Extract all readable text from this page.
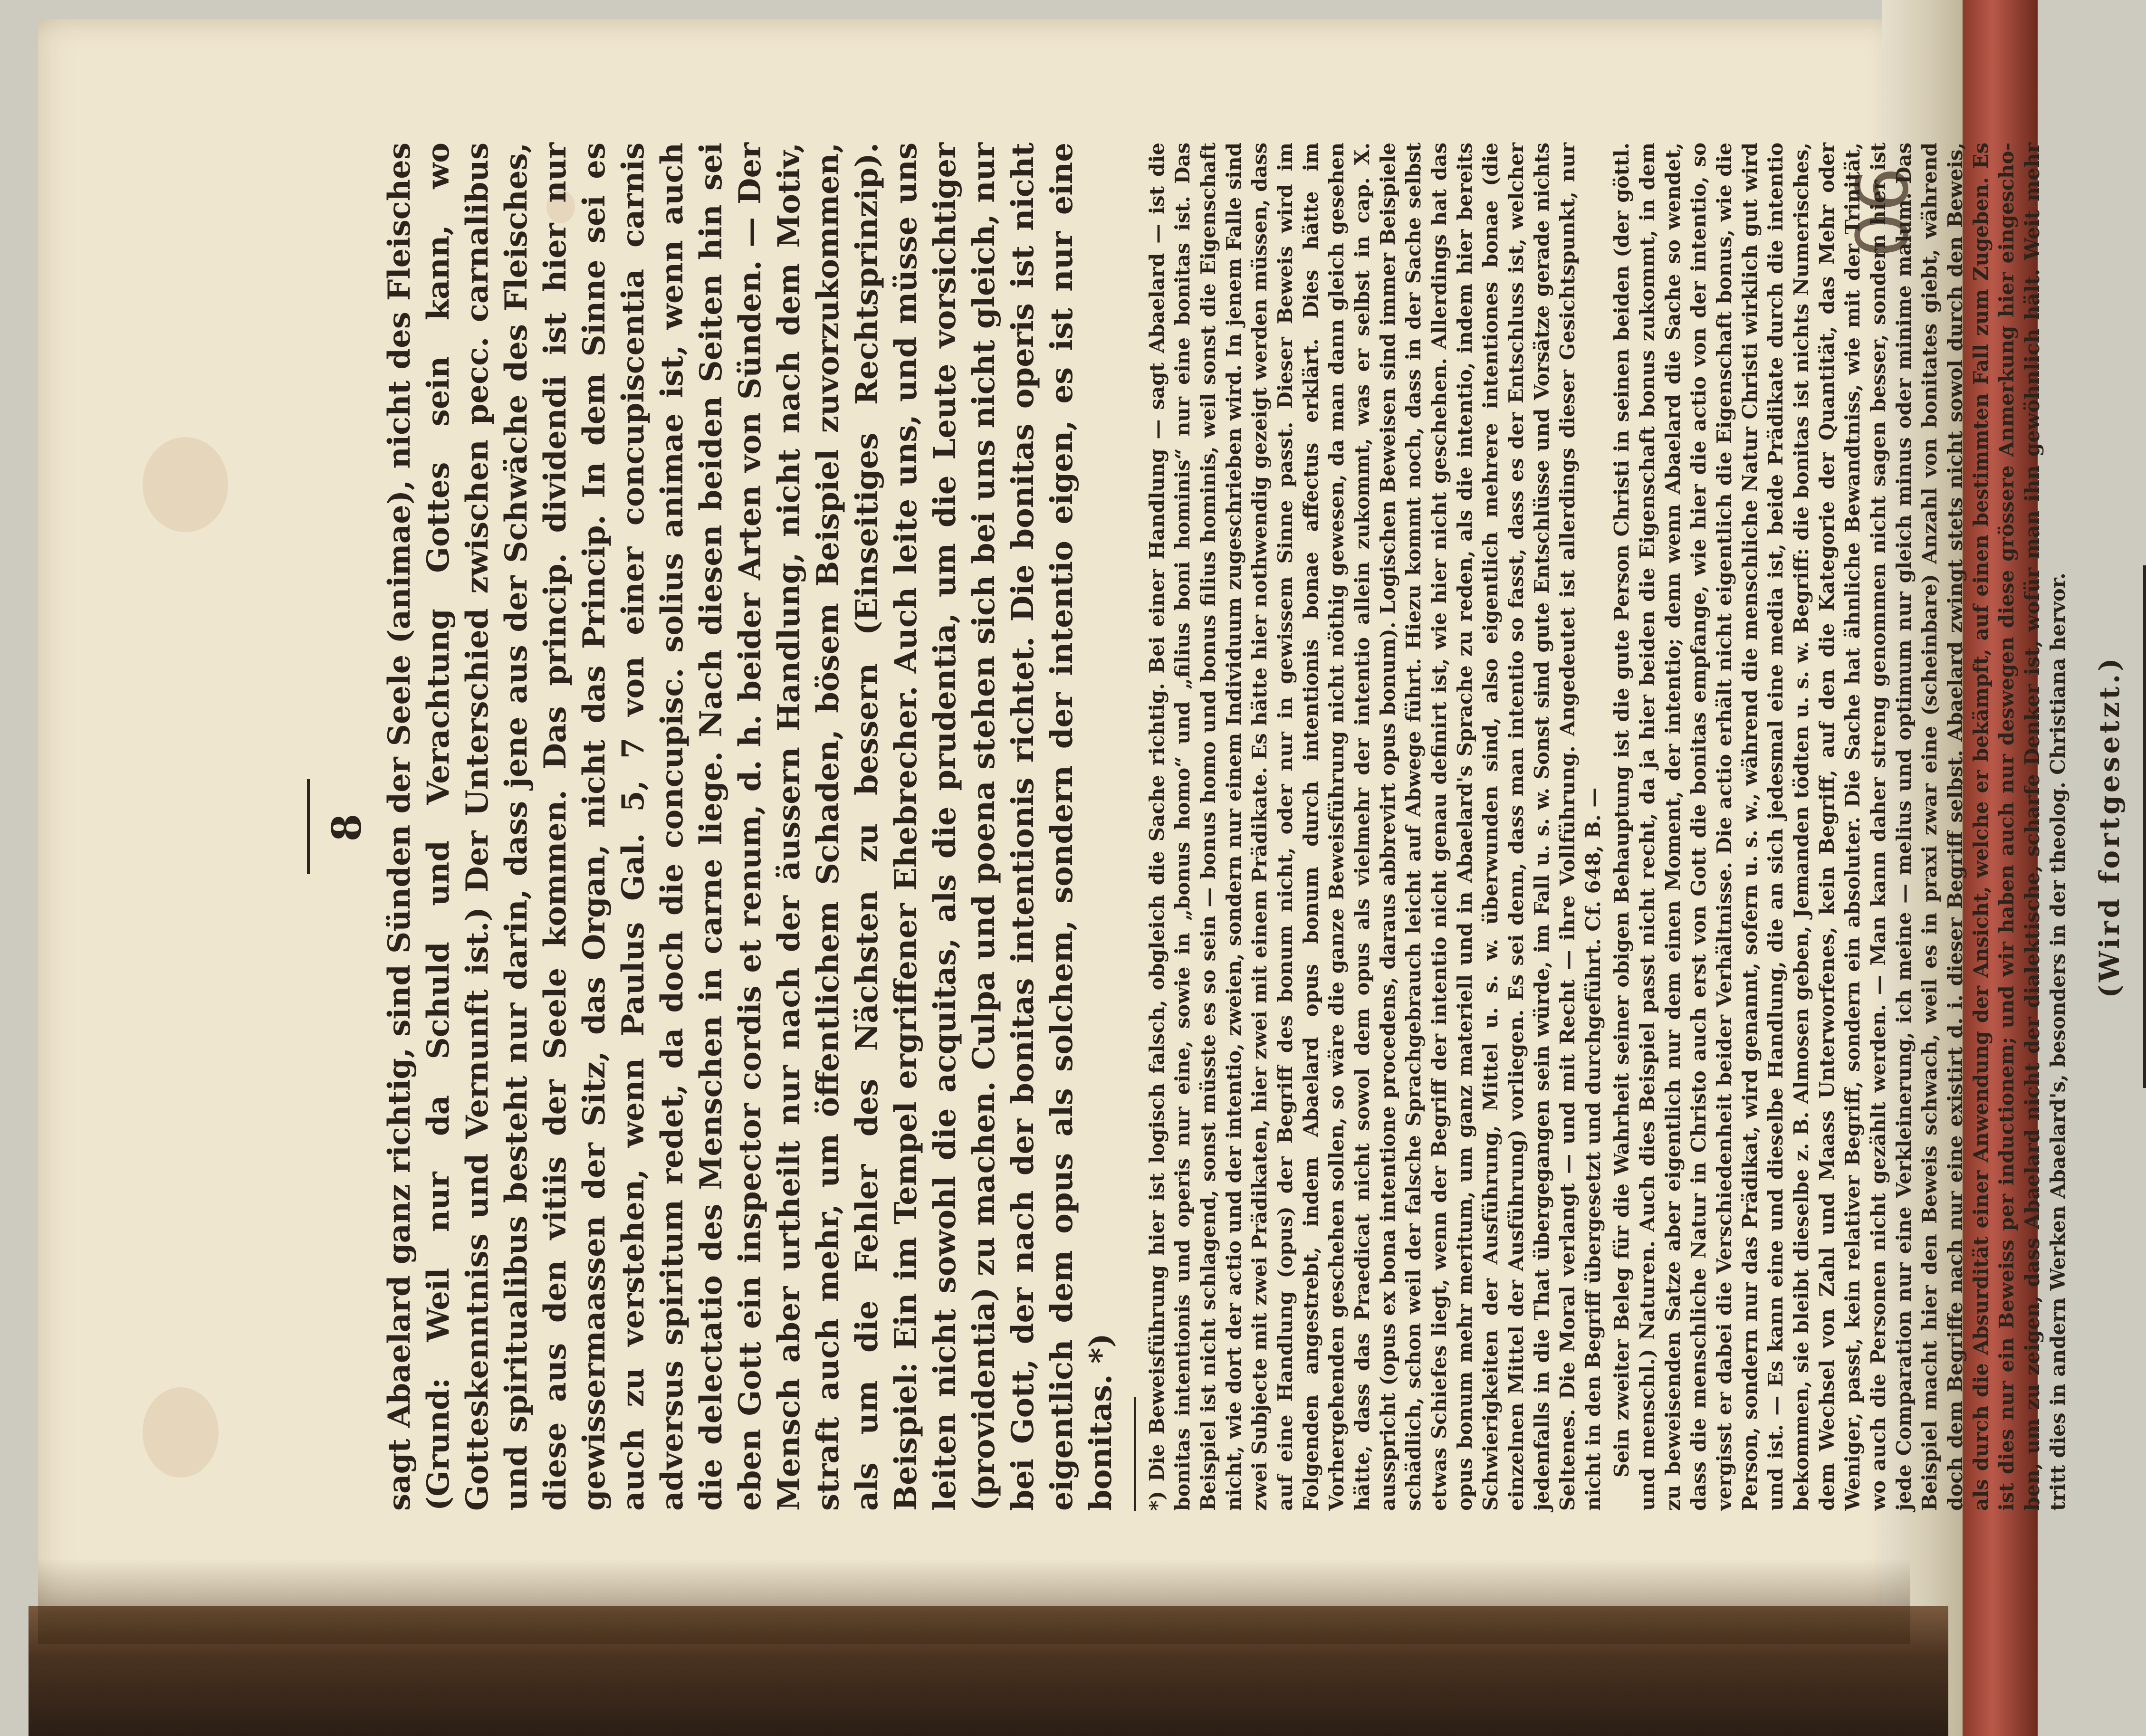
90
8 sagt Abaelard ganz richtig, sind Sünden der Seele (animae), nicht des Fleisches (Grund: Weil nur da Schuld und Verachtung Gottes sein kann, wo Gotteskenntniss und Vernunft ist.) Der Unterschied zwischen pecc. carnalibus und spiritualibus besteht nur darin, dass jene aus der Schwäche des Fleisches, diese aus den vitiis der Seele kommen. Das princip. dividendi ist hier nur gewissermaassen der Sitz, das Organ, nicht das Princip. In dem Sinne sei es auch zu verstehen, wenn Paulus Gal. 5, 7 von einer concupiscentia carnis adversus spiritum redet, da doch die concupisc. solius animae ist, wenn auch die delectatio des Menschen in carne liege. Nach diesen beiden Seiten hin sei eben Gott ein inspector cordis et renum, d. h. beider Arten von Sünden. — Der Mensch aber urtheilt nur nach der äussern Handlung, nicht nach dem Motiv, straft auch mehr, um öffentlichem Schaden, bösem Beispiel zuvorzukommen, als um die Fehler des Nächsten zu bessern (Einseitiges Rechtsprinzip). Beispiel: Ein im Tempel ergriffener Ehebrecher. Auch leite uns, und müsse uns leiten nicht sowohl die acquitas, als die prudentia, um die Leute vorsichtiger (providentia) zu machen. Culpa und poena stehen sich bei uns nicht gleich, nur bei Gott, der nach der bonitas intentionis richtet. Die bonitas operis ist nicht eigentlich dem opus als solchem, sondern der intentio eigen, es ist nur eine bonitas. *) *) Die Beweisführung hier ist logisch falsch, obgleich die Sache richtig. Bei einer Handlung — sagt Abaelard — ist die bonitas intentionis und operis nur eine, sowie in „bonus homo“ und „filius boni hominis“ nur eine bonitas ist. Das Beispiel ist nicht schlagend, sonst müsste es so sein — bonus homo und bonus filius hominis, weil sonst die Eigenschaft nicht, wie dort der actio und der intentio, zweien, sondern nur einem Individuum zugeschrieben wird. In jenem Falle sind zwei Subjecte mit zwei Prädikaten, hier zwei mit einem Prädikate. Es hätte hier nothwendig gezeigt werden müssen, dass auf eine Handlung (opus) der Begriff des bonum nicht, oder nur in gewissem Sinne passt. Dieser Beweis wird im Folgenden angestrebt, indem Abaelard opus bonum durch intentionis bonae affectus erklärt. Dies hätte im Vorhergehenden geschehen sollen, so wäre die ganze Beweisführung nicht nöthig gewesen, da man dann gleich gesehen hätte, dass das Praedicat nicht sowol dem opus als vielmehr der intentio allein zukommt, was er selbst in cap. X. ausspricht (opus ex bona intentione procedens, daraus abbrevirt opus bonum). Logischen Beweisen sind immer Beispiele schädlich, schon weil der falsche Sprachgebrauch leicht auf Abwege führt. Hiezu kommt noch, dass in der Sache selbst etwas Schiefes liegt, wenn der Begriff der intentio nicht genau definirt ist, wie hier nicht geschehen. Allerdings hat das opus bonum mehr meritum, um ganz materiell und in Abaelard's Sprache zu reden, als die intentio, indem hier bereits Schwierigkeiten der Ausführung, Mittel u. s. w. überwunden sind, also eigentlich mehrere intentiones bonae (die einzelnen Mittel der Ausführung) vorliegen. Es sei denn, dass man intentio so fasst, dass es der Entschluss ist, welcher jedenfalls in die That übergegangen sein würde, im Fall u. s. w. Sonst sind gute Entschlüsse und Vorsätze gerade nichts Seltenes. Die Moral verlangt — und mit Recht — ihre Vollführung. Angedeutet ist allerdings dieser Gesichtspunkt, nur nicht in den Begriff übergesetzt und durchgeführt. Cf. 648, B. — Sein zweiter Beleg für die Wahrheit seiner obigen Behauptung ist die gute Person Christi in seinen beiden (der göttl. und menschl.) Naturen. Auch dies Beispiel passt nicht recht, da ja hier beiden die Eigenschaft bonus zukommt, in dem zu beweisenden Satze aber eigentlich nur dem einen Moment, der intentio; denn wenn Abaelard die Sache so wendet, dass die menschliche Natur in Christo auch erst von Gott die bonitas empfange, wie hier die actio von der intentio, so vergisst er dabei die Verschiedenheit beider Verhältnisse. Die actio erhält nicht eigentlich die Eigenschaft bonus, wie die Person, sondern nur das Prädikat, wird genannt, sofern u. s. w., während die menschliche Natur Christi wirklich gut wird und ist. — Es kann eine und dieselbe Handlung, die an sich jedesmal eine media ist, beide Prädikate durch die intentio bekommen, sie bleibt dieselbe z. B. Almosen geben, Jemanden tödten u. s. w. Begriff: die bonitas ist nichts Numerisches, dem Wechsel von Zahl und Maass Unterworfenes, kein Begriff, auf den die Kategorie der Quantität, das Mehr oder Weniger, passt, kein relativer Begriff, sondern ein absoluter. Die Sache hat ähnliche Bewandtniss, wie mit der Trinität, wo auch die Personen nicht gezählt werden. — Man kann daher streng genommen nicht sagen besser, sondern hier ist jede Comparation nur eine Verkleinerung, ich meine — melius und optimum nur gleich minus oder minime malum. Das Beispiel macht hier den Beweis schwach, weil es in praxi zwar eine (scheinbare) Anzahl von bonitates giebt, während doch dem Begriffe nach nur eine existirt d. i. dieser Begriff selbst. Abaelard zwingt stets nicht sowol durch den Beweis, als durch die Absurdität einer Anwendung der Ansicht, welche er bekämpft, auf einen bestimmten Fall zum Zugeben. Es ist dies nur ein Beweiss per inductionem; und wir haben auch nur deswegen diese grössere Anmerkung hier eingeschoben, um zu zeigen, dass Abaelard nicht der dialektische, scharfe Denker ist, wofür man ihn gewöhnlich hält. Weit mehr tritt dies in andern Werken Abaelard's, besonders in der theolog. Christiana hervor. (Wird fortgesetzt.)
